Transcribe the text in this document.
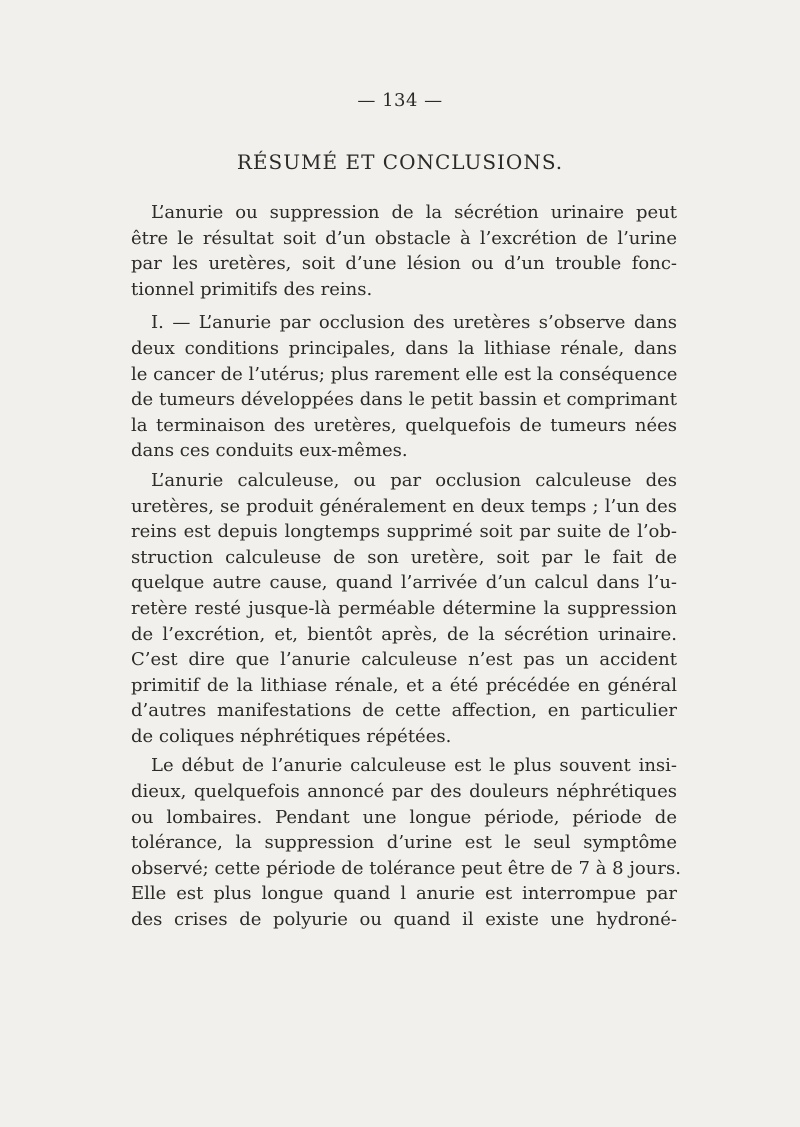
— 134 —
RÉSUMÉ ET CONCLUSIONS.
L’anurie ou suppression de la sécrétion urinaire peut
être le résultat soit d’un obstacle à l’excrétion de l’urine
par les uretères, soit d’une lésion ou d’un trouble fonc-
tionnel primitifs des reins.
I. — L’anurie par occlusion des uretères s’observe dans
deux conditions principales, dans la lithiase rénale, dans
le cancer de l’utérus; plus rarement elle est la conséquence
de tumeurs développées dans le petit bassin et comprimant
la terminaison des uretères, quelquefois de tumeurs nées
dans ces conduits eux-mêmes.
L’anurie calculeuse, ou par occlusion calculeuse des
uretères, se produit généralement en deux temps ; l’un des
reins est depuis longtemps supprimé soit par suite de l’ob-
struction calculeuse de son uretère, soit par le fait de
quelque autre cause, quand l’arrivée d’un calcul dans l’u-
retère resté jusque-là perméable détermine la suppression
de l’excrétion, et, bientôt après, de la sécrétion urinaire.
C’est dire que l’anurie calculeuse n’est pas un accident
primitif de la lithiase rénale, et a été précédée en général
d’autres manifestations de cette affection, en particulier
de coliques néphrétiques répétées.
Le début de l’anurie calculeuse est le plus souvent insi-
dieux, quelquefois annoncé par des douleurs néphrétiques
ou lombaires. Pendant une longue période, période de
tolérance, la suppression d’urine est le seul symptôme
observé; cette période de tolérance peut être de 7 à 8 jours.
Elle est plus longue quand l anurie est interrompue par
des crises de polyurie ou quand il existe une hydroné-
